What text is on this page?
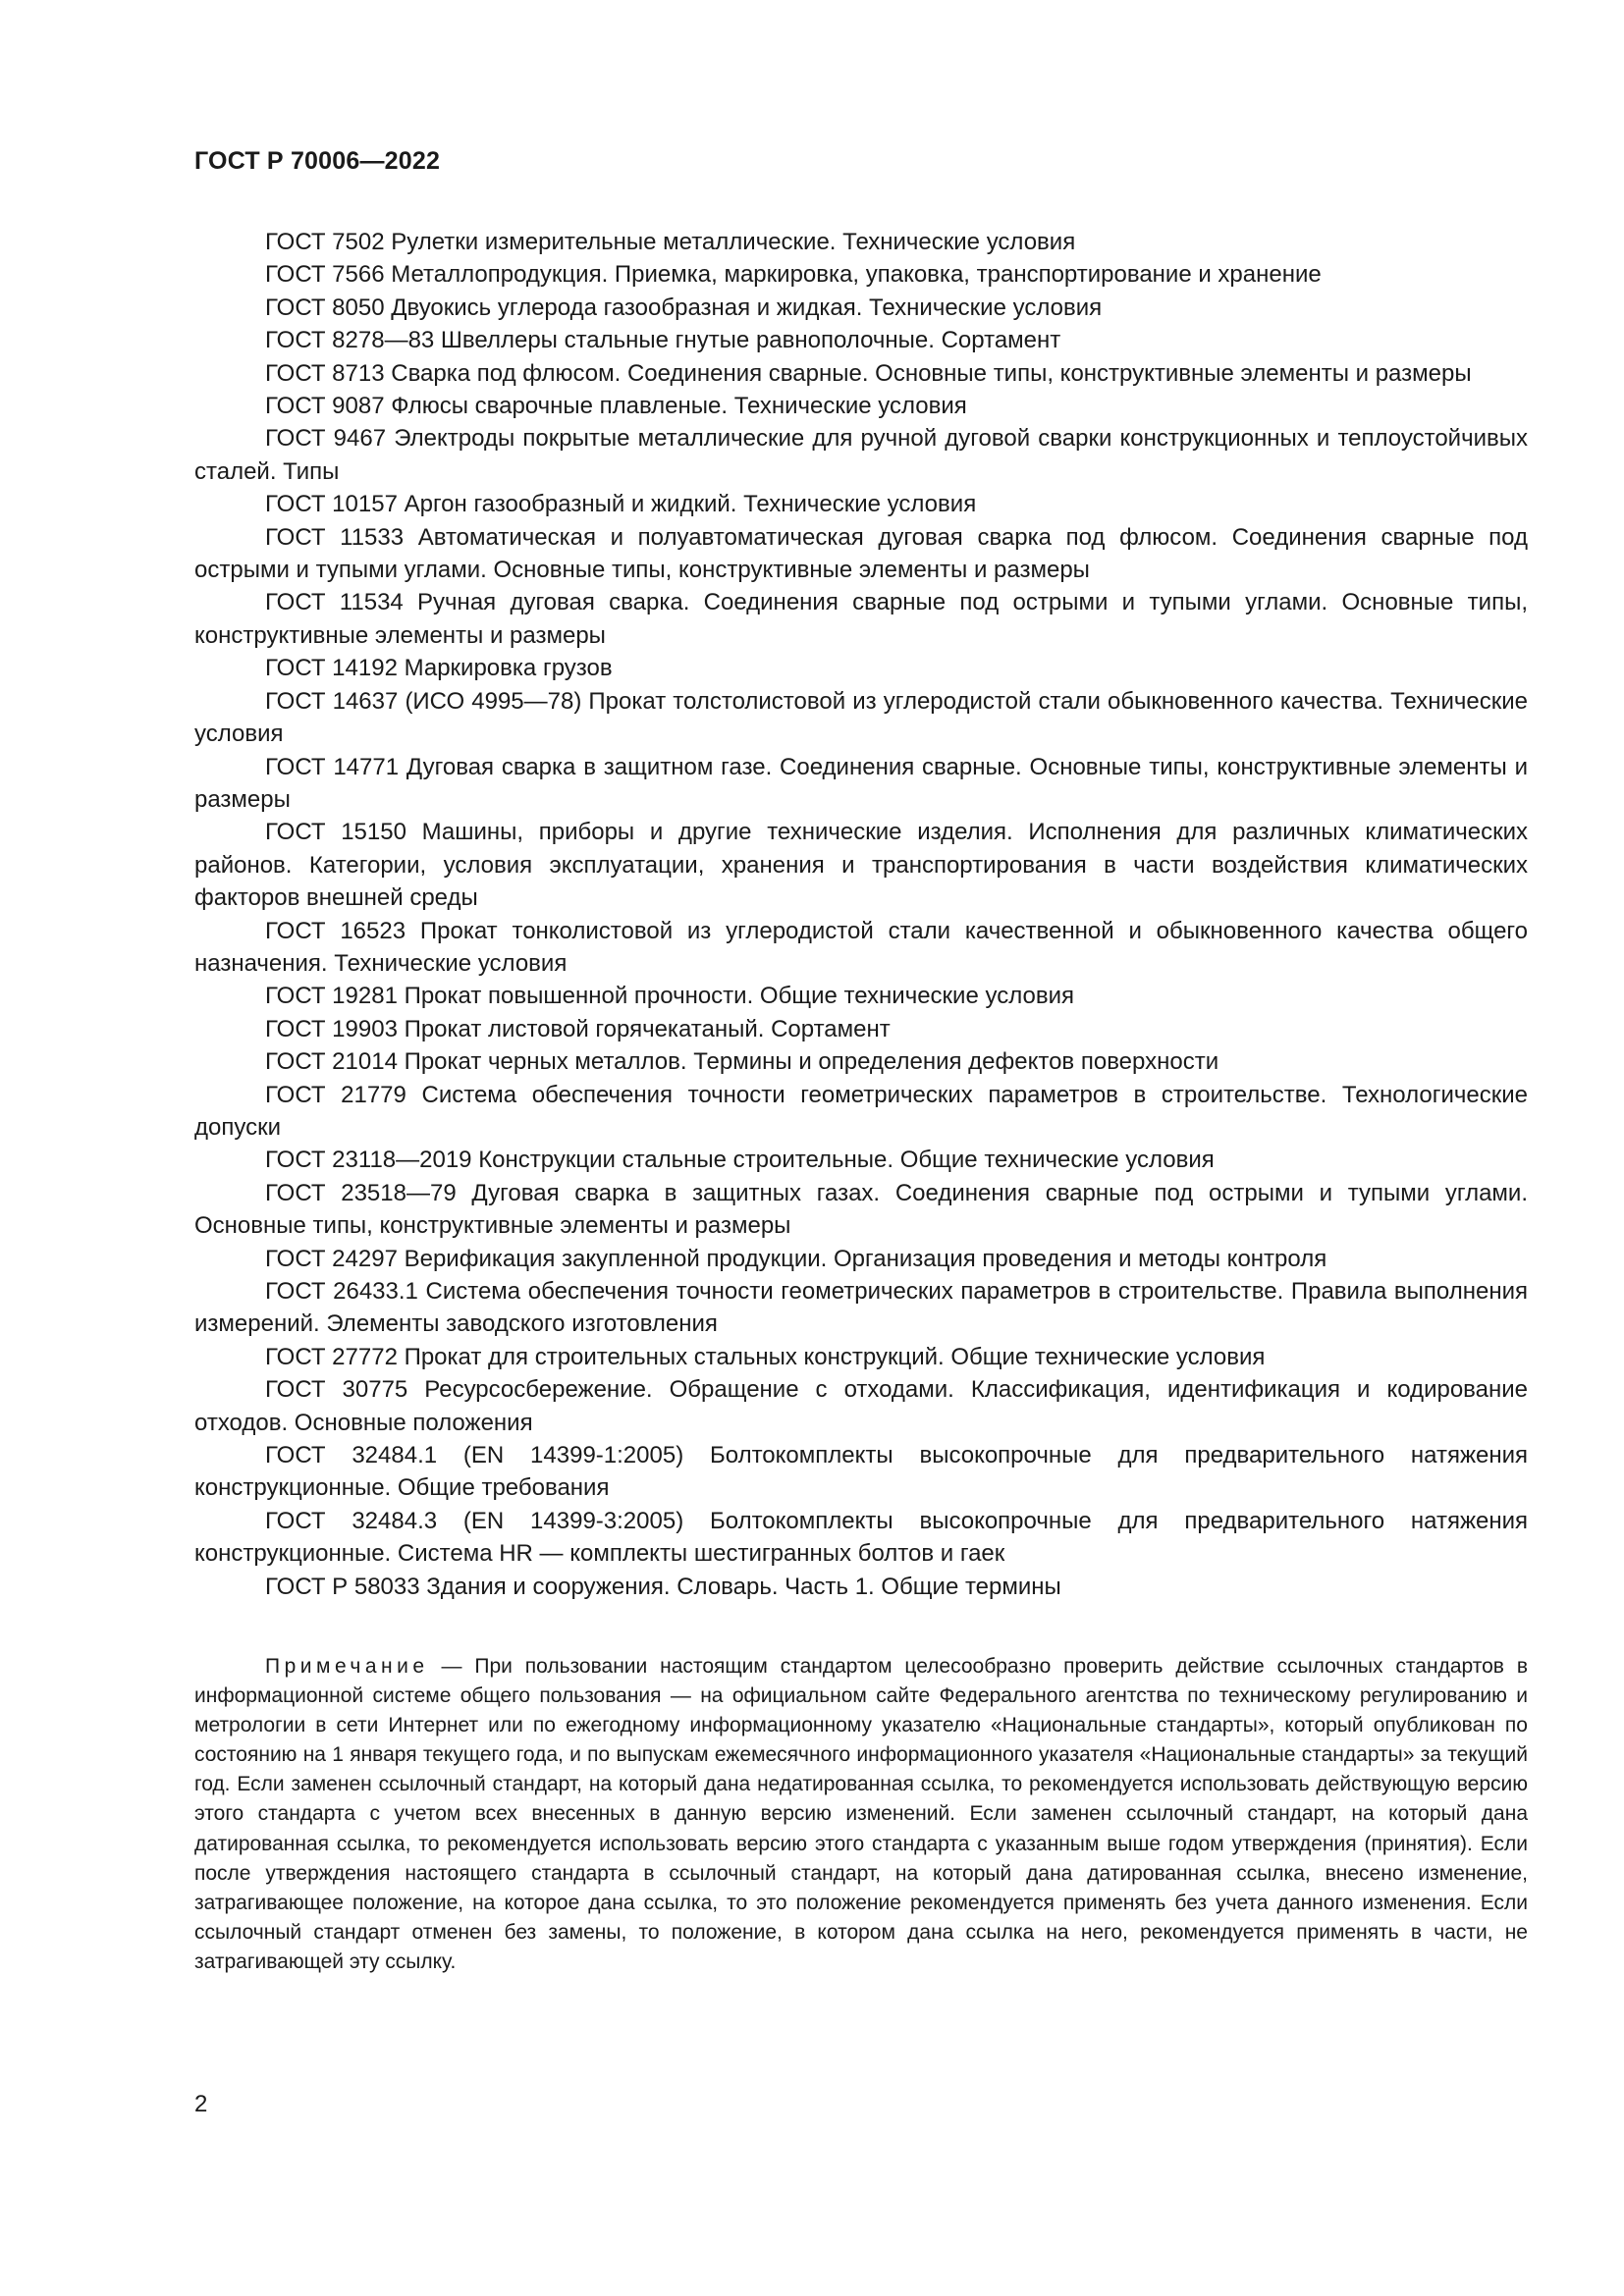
ГОСТ Р 70006—2022

ГОСТ 7502 Рулетки измерительные металлические. Технические условия

ГОСТ 7566 Металлопродукция. Приемка, маркировка, упаковка, транспортирование и хранение

ГОСТ 8050 Двуокись углерода газообразная и жидкая. Технические условия

ГОСТ 8278—83 Швеллеры стальные гнутые равнополочные. Сортамент

ГОСТ 8713 Сварка под флюсом. Соединения сварные. Основные типы, конструктивные элементы и размеры

ГОСТ 9087 Флюсы сварочные плавленые. Технические условия

ГОСТ 9467 Электроды покрытые металлические для ручной дуговой сварки конструкционных и теплоустойчивых сталей. Типы

ГОСТ 10157 Аргон газообразный и жидкий. Технические условия

ГОСТ 11533 Автоматическая и полуавтоматическая дуговая сварка под флюсом. Соединения сварные под острыми и тупыми углами. Основные типы, конструктивные элементы и размеры

ГОСТ 11534 Ручная дуговая сварка. Соединения сварные под острыми и тупыми углами. Основные типы, конструктивные элементы и размеры

ГОСТ 14192 Маркировка грузов

ГОСТ 14637 (ИСО 4995—78) Прокат толстолистовой из углеродистой стали обыкновенного качества. Технические условия

ГОСТ 14771 Дуговая сварка в защитном газе. Соединения сварные. Основные типы, конструктивные элементы и размеры

ГОСТ 15150 Машины, приборы и другие технические изделия. Исполнения для различных климатических районов. Категории, условия эксплуатации, хранения и транспортирования в части воздействия климатических факторов внешней среды

ГОСТ 16523 Прокат тонколистовой из углеродистой стали качественной и обыкновенного качества общего назначения. Технические условия

ГОСТ 19281 Прокат повышенной прочности. Общие технические условия

ГОСТ 19903 Прокат листовой горячекатаный. Сортамент

ГОСТ 21014 Прокат черных металлов. Термины и определения дефектов поверхности

ГОСТ 21779 Система обеспечения точности геометрических параметров в строительстве. Технологические допуски

ГОСТ 23118—2019 Конструкции стальные строительные. Общие технические условия

ГОСТ 23518—79 Дуговая сварка в защитных газах. Соединения сварные под острыми и тупыми углами. Основные типы, конструктивные элементы и размеры

ГОСТ 24297 Верификация закупленной продукции. Организация проведения и методы контроля

ГОСТ 26433.1 Система обеспечения точности геометрических параметров в строительстве. Правила выполнения измерений. Элементы заводского изготовления

ГОСТ 27772 Прокат для строительных стальных конструкций. Общие технические условия

ГОСТ 30775 Ресурсосбережение. Обращение с отходами. Классификация, идентификация и кодирование отходов. Основные положения

ГОСТ 32484.1 (EN 14399-1:2005) Болтокомплекты высокопрочные для предварительного натяжения конструкционные. Общие требования

ГОСТ 32484.3 (EN 14399-3:2005) Болтокомплекты высокопрочные для предварительного натяжения конструкционные. Система HR — комплекты шестигранных болтов и гаек

ГОСТ Р 58033 Здания и сооружения. Словарь. Часть 1. Общие термины

Примечание — При пользовании настоящим стандартом целесообразно проверить действие ссылочных стандартов в информационной системе общего пользования — на официальном сайте Федерального агентства по техническому регулированию и метрологии в сети Интернет или по ежегодному информационному указателю «Национальные стандарты», который опубликован по состоянию на 1 января текущего года, и по выпускам ежемесячного информационного указателя «Национальные стандарты» за текущий год. Если заменен ссылочный стандарт, на который дана недатированная ссылка, то рекомендуется использовать действующую версию этого стандарта с учетом всех внесенных в данную версию изменений. Если заменен ссылочный стандарт, на который дана датированная ссылка, то рекомендуется использовать версию этого стандарта с указанным выше годом утверждения (принятия). Если после утверждения настоящего стандарта в ссылочный стандарт, на который дана датированная ссылка, внесено изменение, затрагивающее положение, на которое дана ссылка, то это положение рекомендуется применять без учета данного изменения. Если ссылочный стандарт отменен без замены, то положение, в котором дана ссылка на него, рекомендуется применять в части, не затрагивающей эту ссылку.

2
